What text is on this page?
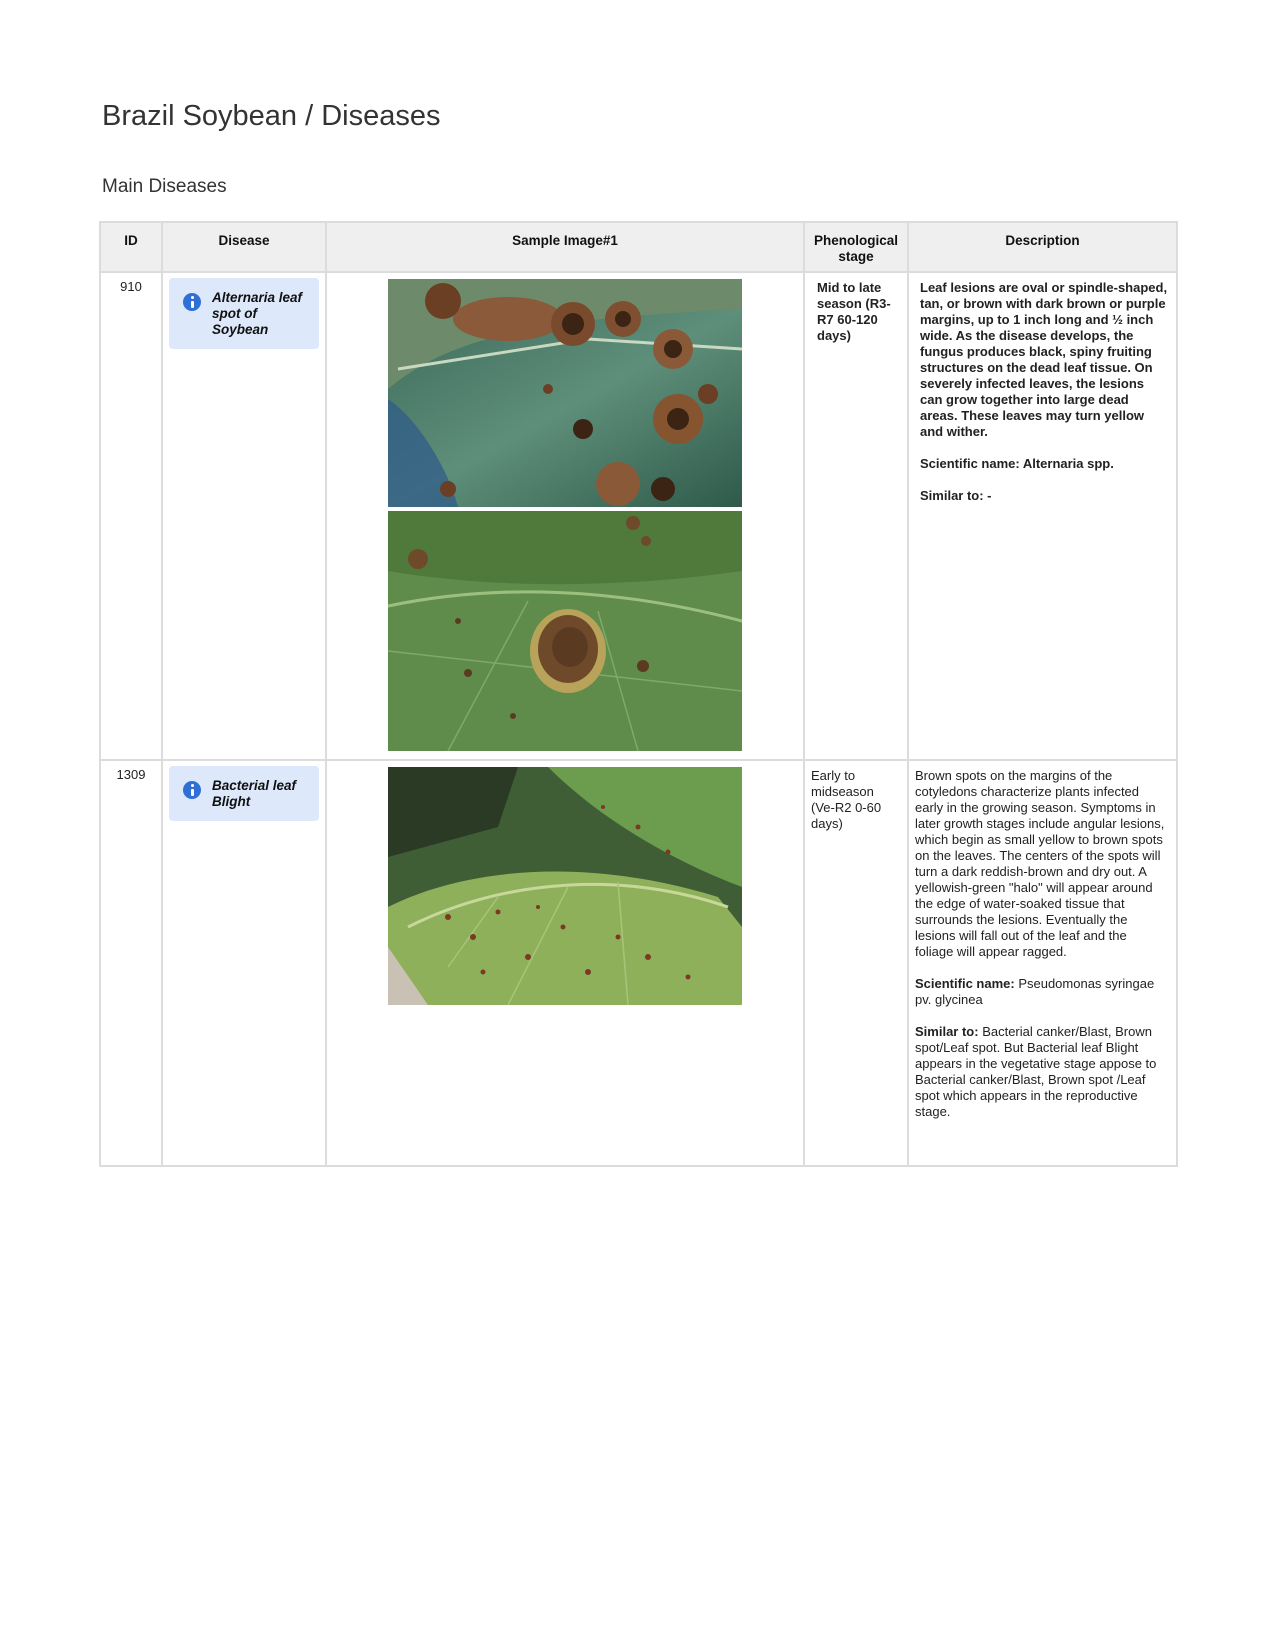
Brazil Soybean / Diseases
Main Diseases
ID	Disease	Sample Image#1	Phenological stage	Description
910	Alternaria leaf spot of Soybean		Mid to late season (R3-R7 60-120 days)	Leaf lesions are oval or spindle-shaped, tan, or brown with dark brown or purple margins, up to 1 inch long and ½ inch wide. As the disease develops, the fungus produces black, spiny fruiting structures on the dead leaf tissue. On severely infected leaves, the lesions can grow together into large dead areas. These leaves may turn yellow and wither.

Scientific name: Alternaria spp.

Similar to: -

1309	Bacterial leaf Blight		Early to midseason (Ve-R2 0-60 days)	Brown spots on the margins of the cotyledons characterize plants infected early in the growing season. Symptoms in later growth stages include angular lesions, which begin as small yellow to brown spots on the leaves. The centers of the spots will turn a dark reddish-brown and dry out. A yellowish-green "halo" will appear around the edge of water-soaked tissue that surrounds the lesions. Eventually the lesions will fall out of the leaf and the foliage will appear ragged.

Scientific name: Pseudomonas syringae pv. glycinea

Similar to: Bacterial canker/Blast, Brown spot/Leaf spot. But Bacterial leaf Blight appears in the vegetative stage appose to Bacterial canker/Blast, Brown spot /Leaf spot which appears in the reproductive stage.
